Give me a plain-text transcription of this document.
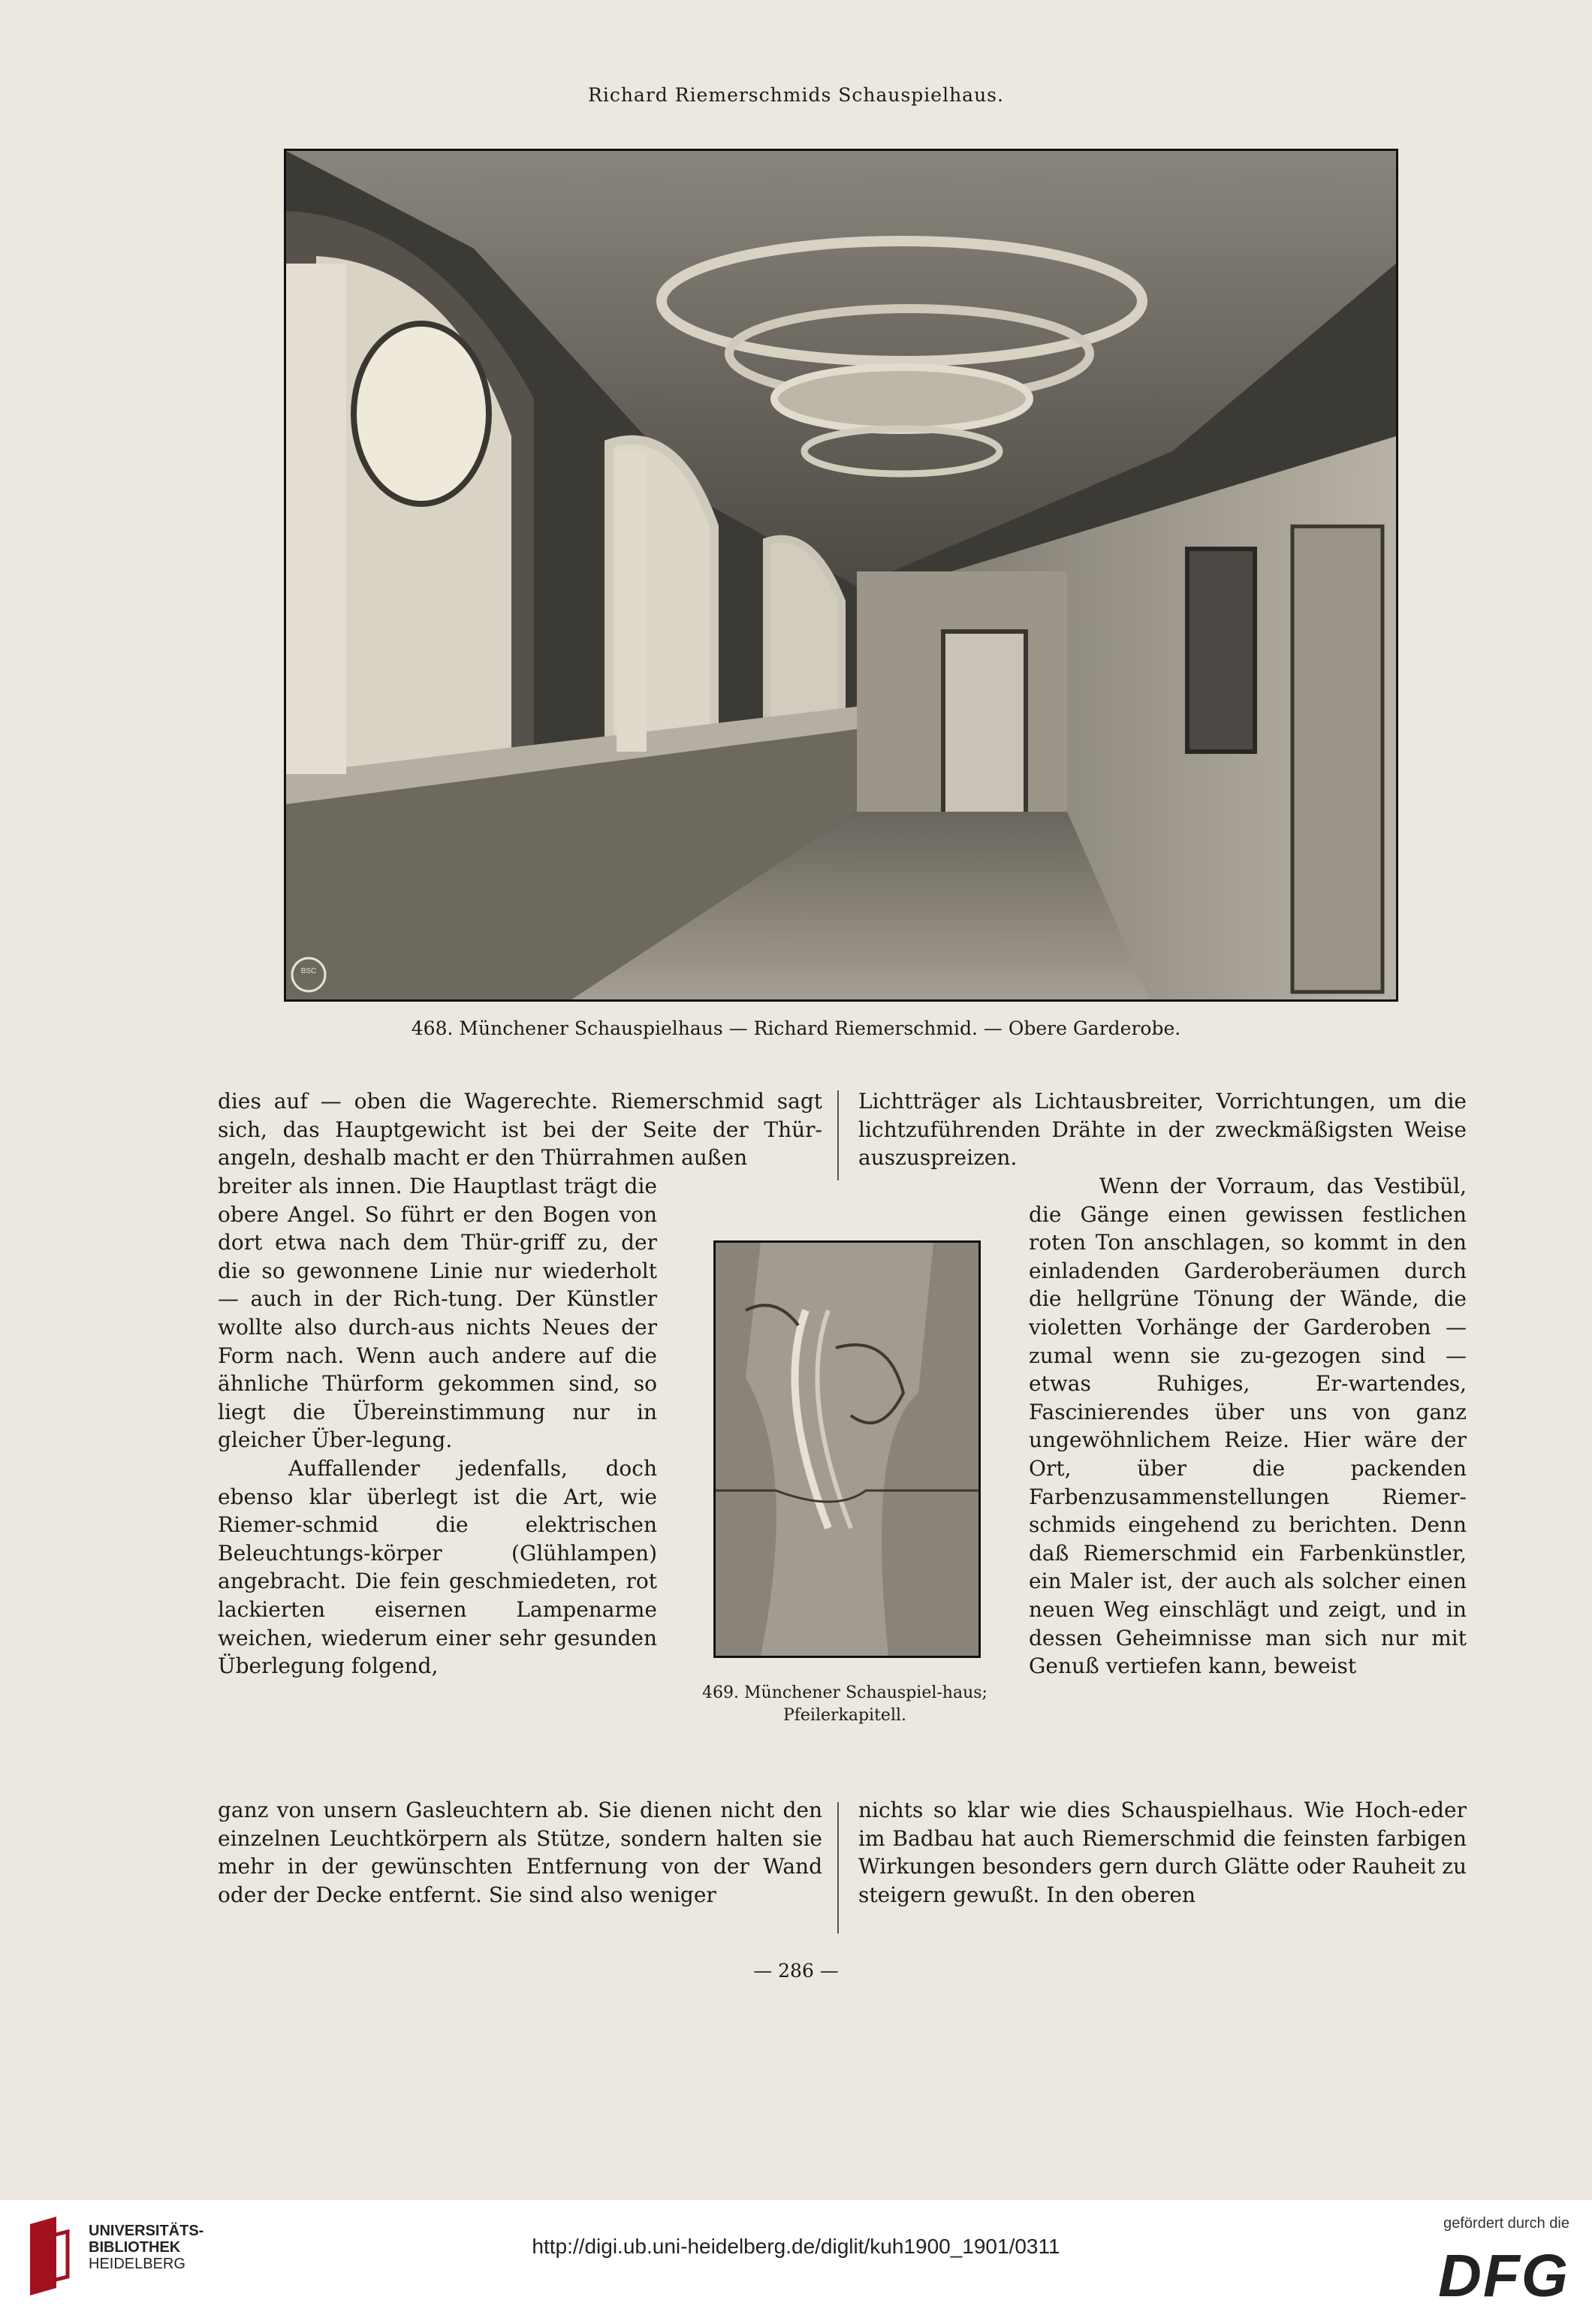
Richard Riemerschmids Schauspielhaus.
BSC
468. Münchener Schauspielhaus — Richard Riemerschmid. — Obere Garderobe.

dies auf — oben die Wagerechte. Riemerschmid sagt sich, das Hauptgewicht ist bei der Seite der Thür-angeln, deshalb macht er den Thürrahmen außen

Lichtträger als Lichtausbreiter, Vorrichtungen, um die lichtzuführenden Drähte in der zweckmäßigsten Weise auszuspreizen.

breiter als innen. Die Hauptlast trägt die obere Angel. So führt er den Bogen von dort etwa nach dem Thür-griff zu, der die so gewonnene Linie nur wiederholt — auch in der Rich-tung. Der Künstler wollte also durch-aus nichts Neues der Form nach. Wenn auch andere auf die ähnliche Thürform gekommen sind, so liegt die Übereinstimmung nur in gleicher Über-legung.

Auffallender jedenfalls, doch ebenso klar überlegt ist die Art, wie Riemer-schmid die elektrischen Beleuchtungs-körper (Glühlampen) angebracht. Die fein geschmiedeten, rot lackierten eisernen Lampenarme weichen, wiederum einer sehr gesunden Überlegung folgend,

Wenn der Vorraum, das Vestibül, die Gänge einen gewissen festlichen roten Ton anschlagen, so kommt in den einladenden Garderoberäumen durch die hellgrüne Tönung der Wände, die violetten Vorhänge der Garderoben — zumal wenn sie zu-gezogen sind — etwas Ruhiges, Er-wartendes, Fascinierendes über uns von ganz ungewöhnlichem Reize. Hier wäre der Ort, über die packenden Farbenzusammenstellungen Riemer-schmids eingehend zu berichten. Denn daß Riemerschmid ein Farbenkünstler, ein Maler ist, der auch als solcher einen neuen Weg einschlägt und zeigt, und in dessen Geheimnisse man sich nur mit Genuß vertiefen kann, beweist

469. Münchener Schauspiel-haus; Pfeilerkapitell.

ganz von unsern Gasleuchtern ab. Sie dienen nicht den einzelnen Leuchtkörpern als Stütze, sondern halten sie mehr in der gewünschten Entfernung von der Wand oder der Decke entfernt. Sie sind also weniger

nichts so klar wie dies Schauspielhaus. Wie Hoch-eder im Badbau hat auch Riemerschmid die feinsten farbigen Wirkungen besonders gern durch Glätte oder Rauheit zu steigern gewußt. In den oberen

— 286 —
UNIVERSITÄTS-
BIBLIOTHEK
HEIDELBERG
http://digi.ub.uni-heidelberg.de/diglit/kuh1900_1901/0311
gefördert durch die
DFG
